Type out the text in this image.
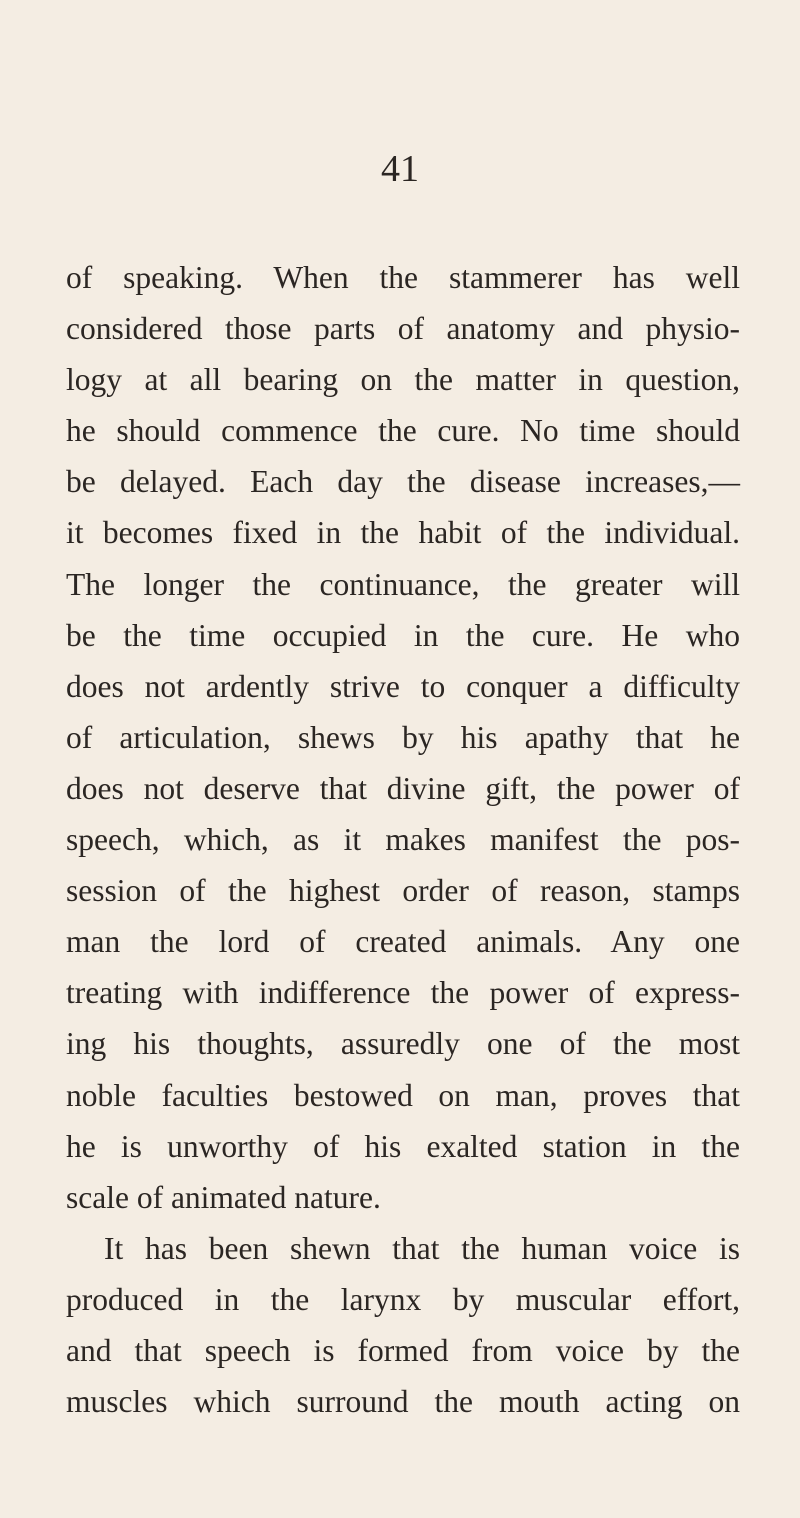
41
of speaking. When the stammerer has well
considered those parts of anatomy and physio-
logy at all bearing on the matter in question,
he should commence the cure. No time should
be delayed. Each day the disease increases,—
it becomes fixed in the habit of the individual.
The longer the continuance, the greater will
be the time occupied in the cure. He who
does not ardently strive to conquer a difficulty
of articulation, shews by his apathy that he
does not deserve that divine gift, the power of
speech, which, as it makes manifest the pos-
session of the highest order of reason, stamps
man the lord of created animals. Any one
treating with indifference the power of express-
ing his thoughts, assuredly one of the most
noble faculties bestowed on man, proves that
he is unworthy of his exalted station in the
scale of animated nature.
It has been shewn that the human voice is
produced in the larynx by muscular effort,
and that speech is formed from voice by the
muscles which surround the mouth acting on
